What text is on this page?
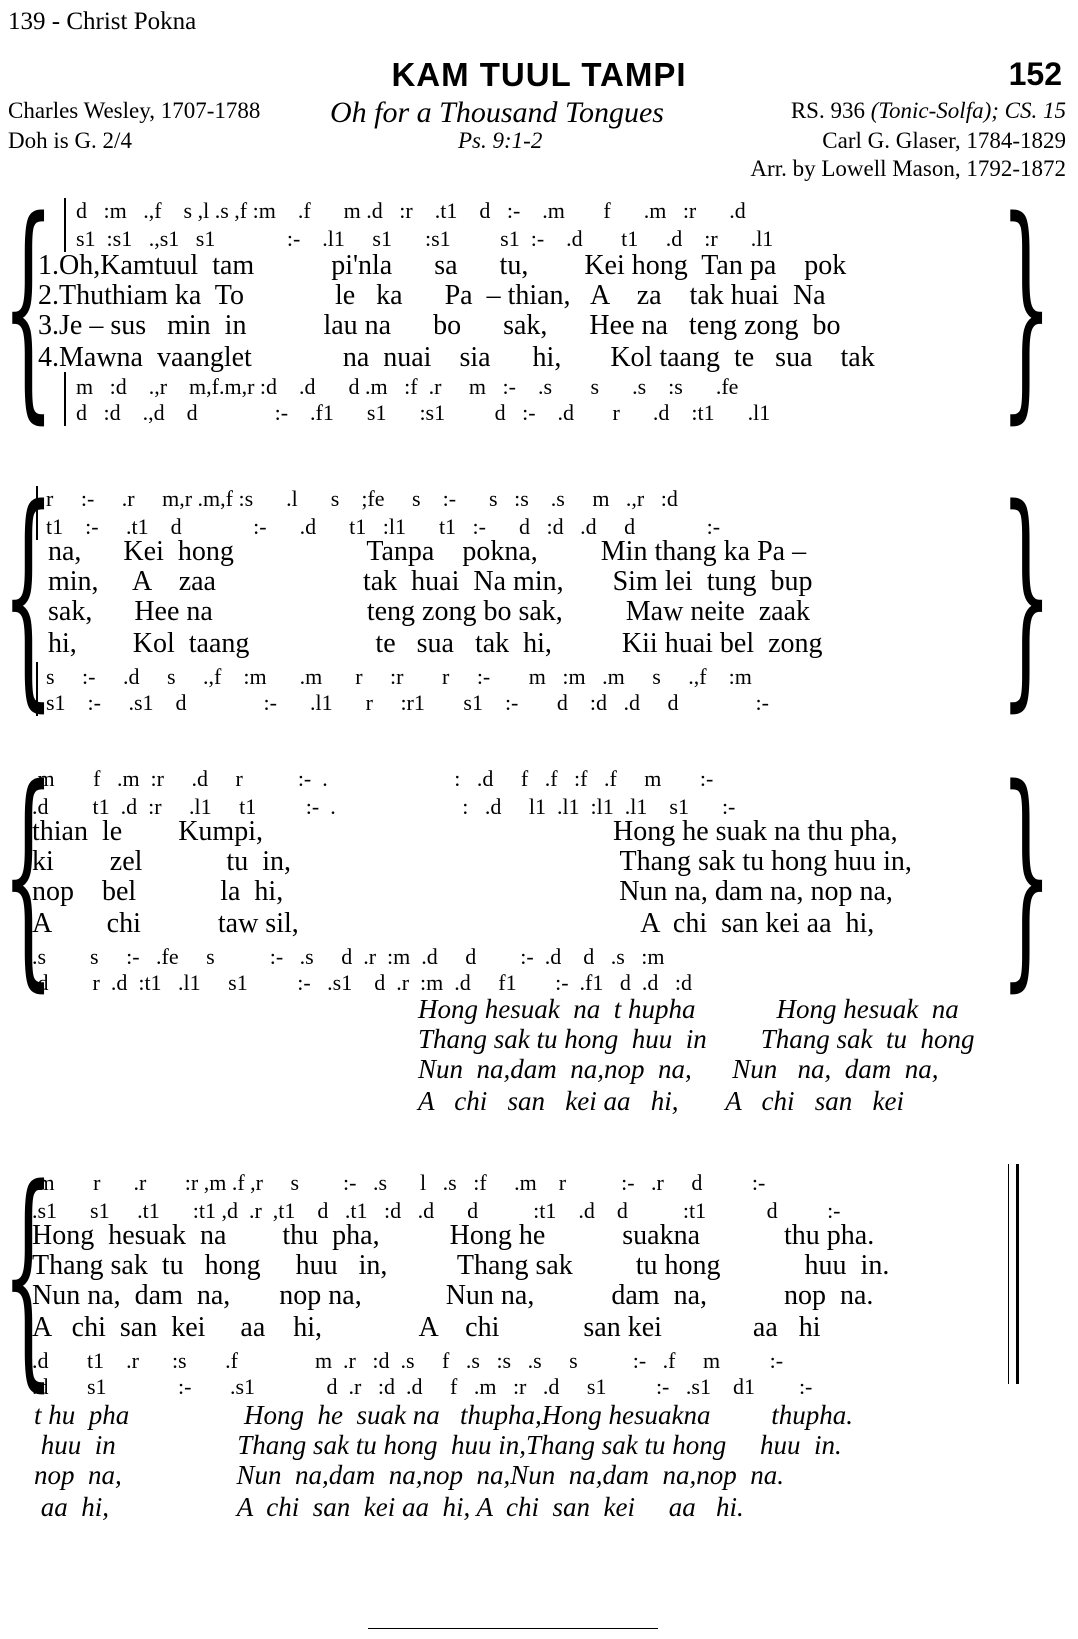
139 - Christ Pokna
KAM TUUL TAMPI	152
Charles Wesley, 1707-1788 Oh for a Thousand Tongues	RS. 936 (Tonic-Solfa); CS. 15
Doh is G. 2/4	Ps. 9:1-2	Carl G. Glaser, 1784-1829
Arr. by Lowell Mason, 1792-1872
{	}
d   :m   .,f    s ,l .s ,f :m    .f      m .d   :r    .t1    d   :-    .m       f      .m   :r      .d
s1  :s1   .,s1   s1             :-    .l1     s1      :s1         s1  :-    .d       t1     .d    :r      .l1
1.Oh,Kamtuul  tam           pi'nla      sa      tu,        Kei hong  Tan pa    pok
2.Thuthiam ka  To             le   ka      Pa  – thian,   A    za    tak huai  Na
3.Je – sus   min  in           lau na      bo      sak,      Hee na   teng zong  bo
4.Mawna  vaanglet             na  nuai    sia      hi,       Kol taang  te   sua    tak
m   :d    .,r    m,f.m,r :d    .d      d .m   :f  .r     m   :-    .s       s      .s    :s      .fe
d   :d    .,d    d              :-    .f1      s1      :s1         d   :-    .d       r      .d    :t1      .l1
{	}
r     :-     .r     m,r .m,f :s      .l      s    ;fe     s    :-      s   :s    .s     m   .,r   :d
t1    :-     .t1    d             :-      .d      t1   :l1      t1   :-      d   :d   .d     d             :-
na,      Kei  hong                   Tanpa    pokna,         Min thang ka Pa –
min,     A    zaa                     tak  huai  Na min,       Sim lei  tung  bup
sak,      Hee na                      teng zong bo sak,         Maw neite  zaak
hi,        Kol  taang                  te   sua   tak  hi,          Kii huai bel  zong
s     :-     .d     s     .,f    :m      .m      r     :r       r     :-       m   :m   .m     s     .,f    :m
s1    :-     .s1    d              :-      .l1      r     :r1       s1    :-       d    :d   .d     d              :-
{	}
.m       f   .m  :r     .d     r          :-  .                       :   .d     f   .f   :f   .f     m       :-
.d        t1  .d  :r     .l1     t1         :-  .                       :   .d     l1  .l1  :l1  .l1    s1      :-
thian  le        Kumpi,                                                  Hong he suak na thu pha,
ki        zel            tu  in,                                               Thang sak tu hong huu in,
nop    bel            la  hi,                                                Nun na, dam na, nop na,
A        chi           taw sil,                                                 A  chi  san kei aa  hi,
.s        s     :-   .fe     s          :-   .s     d  .r  :m  .d     d        :-  .d    d   .s   :m
.d        r  .d  :t1   .l1     s1         :-   .s1    d  .r  :m  .d     f1       :-  .f1   d  .d   :d
Hong hesuak  na  t hupha            Hong hesuak  na
Thang sak tu hong  huu  in        Thang sak  tu  hong
Nun  na,dam  na,nop  na,      Nun   na,  dam  na,
A   chi   san   kei aa   hi,       A   chi   san   kei
{
.m       r      .r       :r ,m .f ,r     s        :-   .s      l   .s   :f     .m    r          :-   .r     d         :-
.s1      s1     .t1      :t1 ,d  .r  ,t1    d   .t1   :d   .d      d          :t1    .d    d          :t1           d         :-
Hong  hesuak  na        thu  pha,          Hong he           suakna            thu pha.
Thang sak  tu   hong     huu   in,          Thang sak         tu hong            huu  in.
Nun na,  dam  na,       nop na,            Nun na,           dam  na,           nop  na.
A   chi  san  kei     aa    hi,              A    chi            san kei             aa   hi
.d       t1    .r      :s       .f              m  .r   :d  .s     f   .s   :s   .s     s          :-   .f     m         :-
.d       s1             :-       .s1             d  .r   :d  .d     f   .m   :r   .d     s1         :-   .s1    d1        :-
t hu  pha                 Hong  he  suak na   thupha,Hong hesuakna         thupha.
huu  in                  Thang sak tu hong  huu in,Thang sak tu hong     huu  in.
nop  na,                 Nun  na,dam  na,nop  na,Nun  na,dam  na,nop  na.
aa  hi,                   A  chi  san  kei aa  hi, A  chi  san  kei     aa   hi.
